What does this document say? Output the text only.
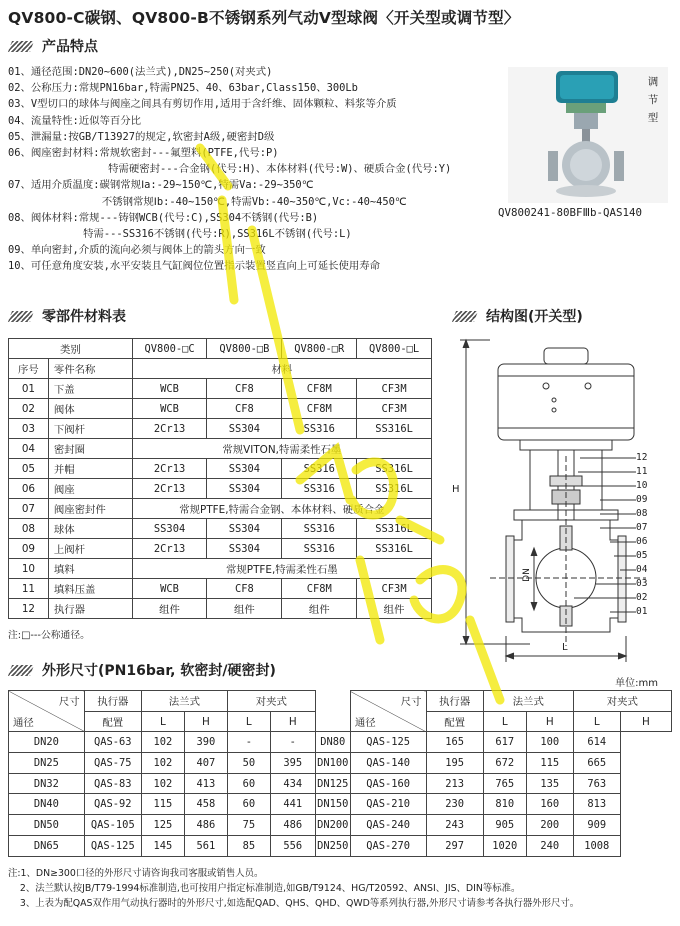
QV800-C碳钢、QV800-B不锈钢系列气动V型球阀〈开关型或调节型〉
产品特点
01、通径范围:DN20~600(法兰式),DN25~250(对夹式)
02、公称压力:常规PN16bar,特需PN25、40、63bar,Class150、300Lb
03、V型切口的球体与阀座之间具有剪切作用,适用于含纤维、固体颗粒、料浆等介质
04、流量特性:近似等百分比
05、泄漏量:按GB/T13927的规定,软密封A级,硬密封D级
06、阀座密封材料:常规软密封---氟塑料(PTFE,代号:P)
特需硬密封---合金钢(代号:H)、本体材料(代号:W)、硬质合金(代号:Y)
07、适用介质温度:碳钢常规Ⅰa:-29~150℃,特需Va:-29~350℃
不锈钢常规Ⅰb:-40~150℃,特需Vb:-40~350℃,Vc:-40~450℃
08、阀体材料:常规---铸钢WCB(代号:C),SS304不锈钢(代号:B)
特需---SS316不锈钢(代号:R),SS316L不锈钢(代号:L)
09、单向密封,介质的流向必须与阀体上的箭头方向一致
10、可任意角度安装,水平安装且气缸阀位位置指示装置竖直向上可延长使用寿命
调
节
型
QV800241-80BFⅢb-QAS140
零部件材料表	结构图(开关型)
类别		QV800-□C	QV800-□B	QV800-□R	QV800-□L
序号	零件名称	材料			
01	下盖	WCB	CF8	CF8M	CF3M
02	阀体	WCB	CF8	CF8M	CF3M
03	下阀杆	2Cr13	SS304	SS316	SS316L
04	密封圈	常规VITON,特需柔性石墨			
05	并帽	2Cr13	SS304	SS316	SS316L
06	阀座	2Cr13	SS304	SS316	SS316L
07	阀座密封件	常规PTFE,特需合金钢、本体材料、硬质合金			
08	球体	SS304	SS304	SS316	SS316L
09	上阀杆	2Cr13	SS304	SS316	SS316L
10	填料	常规PTFE,特需柔性石墨			
11	填料压盖	WCB	CF8	CF8M	CF3M
12	执行器	组件	组件	组件	组件
注:□---公称通径。
12
11
10
09
08
07
06
05
04
03
02
01
H
DN
L
外形尺寸(PN16bar, 软密封/硬密封)
单位:mm
尺寸
通径	执行器	法兰式		对夹式			尺寸
通径	执行器	法兰式		对夹式	
	配置	L	H	L	H			配置	L	H	L	H
DN20	QAS-63	102	390	-	-	DN80	QAS-125	165	617	100	614	
DN25	QAS-75	102	407	50	395	DN100	QAS-140	195	672	115	665	
DN32	QAS-83	102	413	60	434	DN125	QAS-160	213	765	135	763	
DN40	QAS-92	115	458	60	441	DN150	QAS-210	230	810	160	813	
DN50	QAS-105	125	486	75	486	DN200	QAS-240	243	905	200	909	
DN65	QAS-125	145	561	85	556	DN250	QAS-270	297	1020	240	1008	
注:1、DN≥300口径的外形尺寸请咨询我司客服或销售人员。
2、法兰默认按JB/T79-1994标准制造,也可按用户指定标准制造,如GB/T9124、HG/T20592、ANSI、JIS、DIN等标准。
3、上表为配QAS双作用气动执行器时的外形尺寸,如选配QAD、QHS、QHD、QWD等系列执行器,外形尺寸请参考各执行器外形尺寸。
